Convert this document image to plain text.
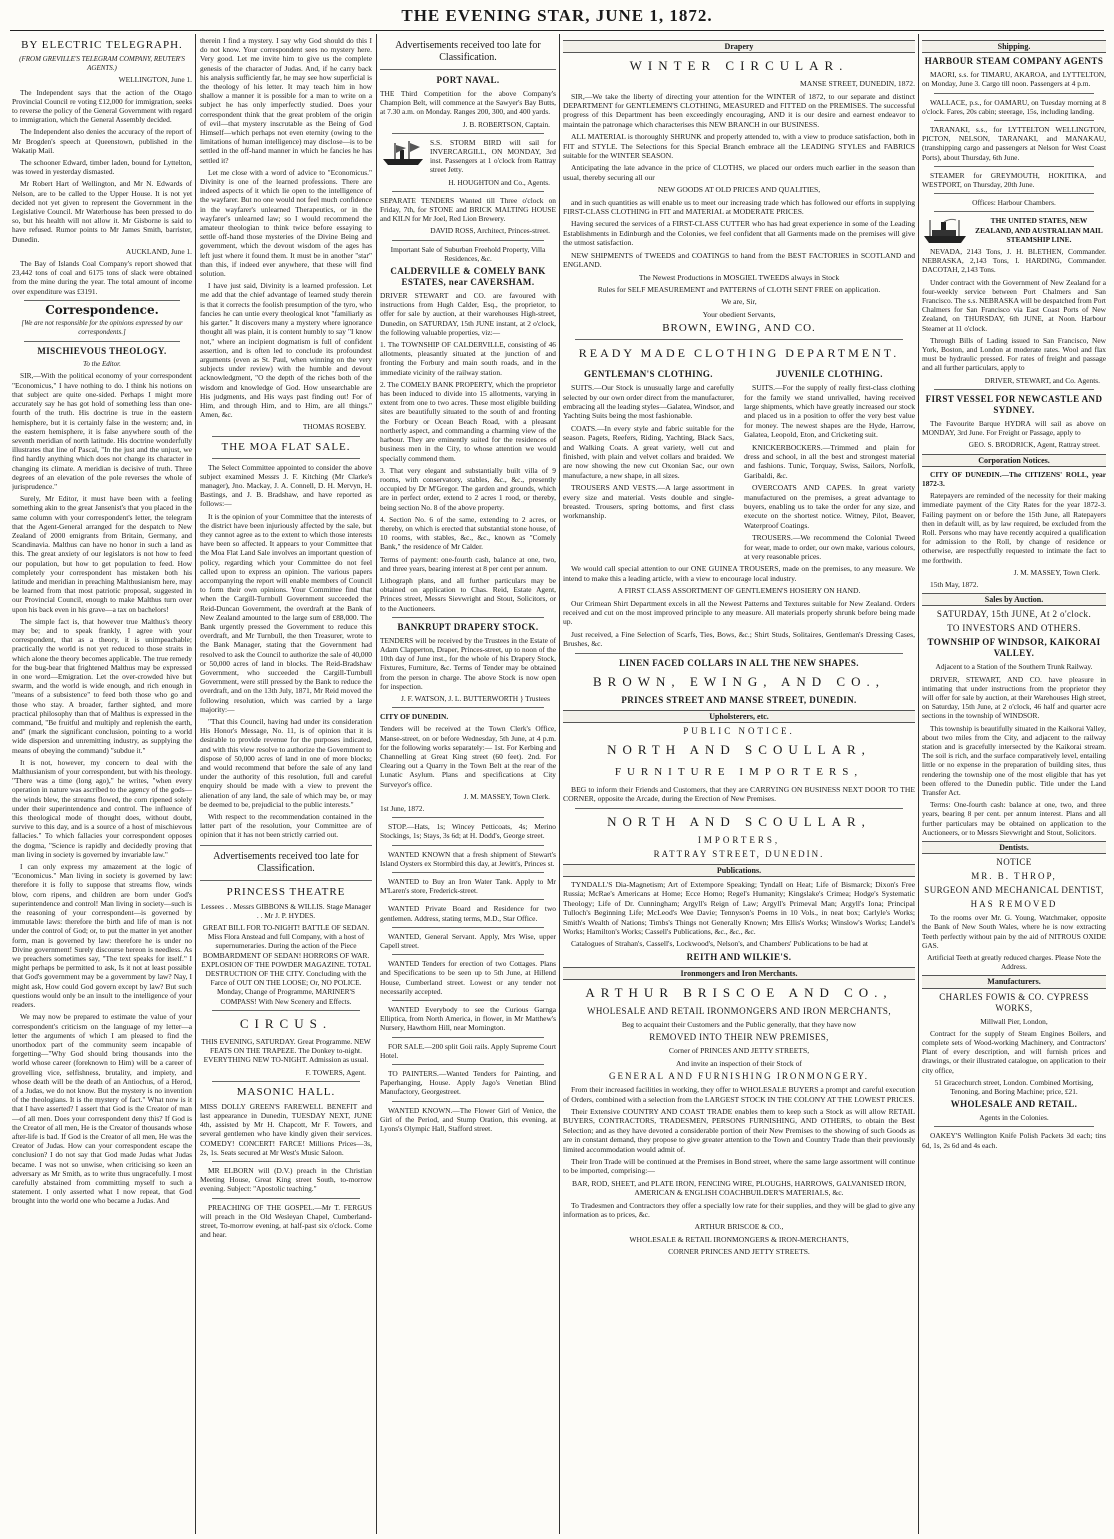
THE EVENING STAR, JUNE 1, 1872.
BY ELECTRIC TELEGRAPH.
(FROM GREVILLE'S TELEGRAM COMPANY, REUTER'S AGENTS.)

WELLINGTON, June 1.

The Independent says that the action of the Otago Provincial Council re voting £12,000 for immigration, seeks to reverse the policy of the General Government with regard to immigration, which the General Assembly decided.

The Independent also denies the accuracy of the report of Mr Brogden's speech at Queenstown, published in the Wakatip Mail.

The schooner Edward, timber laden, bound for Lyttelton, was towed in yesterday dismasted.

Mr Robert Hart of Wellington, and Mr N. Edwards of Nelson, are to be called to the Upper House. It is not yet decided not yet given to represent the Government in the Legislative Council. Mr Waterhouse has been pressed to do so, but his health will not allow it. Mr Gisborne is said to have refused. Rumor points to Mr James Smith, barrister, Dunedin.

AUCKLAND, June 1.

The Bay of Islands Coal Company's report showed that 23,442 tons of coal and 6175 tons of slack were obtained from the mine during the year. The total amount of income over expenditure was £3191.

Correspondence.
[We are not responsible for the opinions expressed by our correspondents.]
MISCHIEVOUS THEOLOGY.
To the Editor.

SIR,—With the political economy of your correspondent "Economicus," I have nothing to do. I think his notions on that subject are quite one-sided. Perhaps I might more accurately say he has got hold of something less than one-fourth of the truth. His doctrine is true in the eastern hemisphere, but it is certainly false in the western; and, in the eastern hemisphere, it is false anywhere south of the seventh meridian of north latitude. His doctrine wonderfully illustrates that line of Pascal, "In the just and the unjust, we find hardly anything which does not change its character in changing its climate. A meridian is decisive of truth. Three degrees of an elevation of the pole reverses the whole of jurisprudence."

Surely, Mr Editor, it must have been with a feeling something akin to the great Jansenist's that you placed in the same column with your correspondent's letter, the telegram that the Agent-General arranged for the despatch to New Zealand of 2000 emigrants from Britain, Germany, and Scandinavia. Malthus can have no honor in such a land as this. The great anxiety of our legislators is not how to feed our population, but how to get population to feed. How completely your correspondent has mistaken both his latitude and meridian in preaching Malthusianism here, may be learned from that most patriotic proposal, suggested in our Provincial Council, enough to make Malthus turn over upon his back even in his grave—a tax on bachelors!

The simple fact is, that however true Malthus's theory may be; and to speak frankly, I agree with your correspondent, that as a theory, it is unimpeachable; practically the world is not yet reduced to those straits in which alone the theory becomes applicable. The true remedy for the bug-bear that frightened Malthus may be expressed in one word—Emigration. Let the over-crowded hive but swarm, and the world is wide enough, and rich enough in "means of a subsistence" to feed both those who go and those who stay. A broader, farther sighted, and more practical philosophy than that of Malthus is expressed in the command, "Be fruitful and multiply and replenish the earth, and" (mark the significant conclusion, pointing to a world wide dispersion and unremitting industry, as supplying the means of obeying the command) "subdue it."

It is not, however, my concern to deal with the Malthusianism of your correspondent, but with his theology. "There was a time (long ago)," he writes, "when every operation in nature was ascribed to the agency of the gods—the winds blew, the streams flowed, the corn ripened solely under their superintendence and control. The influence of this theological mode of thought does, without doubt, survive to this day, and is a source of a host of mischievous fallacies." To which fallacies your correspondent opposes the dogma, "Science is rapidly and decidedly proving that man living in society is governed by invariable law."

I can only express my amazement at the logic of "Economicus." Man living in society is governed by law: therefore it is folly to suppose that streams flow, winds blow, corn ripens, and children are born under God's superintendence and control! Man living in society—such is the reasoning of your correspondent—is governed by immutable laws: therefore the birth and life of man is not under the control of God; or, to put the matter in yet another form, man is governed by law: therefore he is under no Divine government! Surely discourse hereon is needless. As we preachers sometimes say, "The text speaks for itself." I might perhaps be permitted to ask, Is it not at least possible that God's government may be a government by law? Nay, I might ask, How could God govern except by law? But such questions would only be an insult to the intelligence of your readers.

We may now be prepared to estimate the value of your correspondent's criticism on the language of my letter—a letter the arguments of which I am pleased to find the unorthodox part of the community seem incapable of forgetting—"Why God should bring thousands into the world whose career (foreknown to Him) will be a career of grovelling vice, selfishness, brutality, and impiety, and whose death will be the death of an Antiochus, of a Herod, of a Judas, we do not know. But the mystery is no invention of the theologians. It is the mystery of fact." What now is it that I have asserted? I assert that God is the Creator of man—of all men. Does your correspondent deny this? If God is the Creator of all men, He is the Creator of thousands whose after-life is bad. If God is the Creator of all men, He was the Creator of Judas. How can your correspondent escape the conclusion? I do not say that God made Judas what Judas became. I was not so unwise, when criticising so keen an adversary as Mr Smith, as to write thus ungracefully. I most carefully abstained from committing myself to such a statement. I only asserted what I now repeat, that God brought into the world one who became a Judas. And

therein I find a mystery. I say why God should do this I do not know. Your correspondent sees no mystery here. Very good. Let me invite him to give us the complete genesis of the character of Judas. And, if he carry back his analysis sufficiently far, he may see how superficial is the theology of his letter. It may teach him in how shallow a manner it is possible for a man to write on a subject he has only imperfectly studied. Does your correspondent think that the great problem of the origin of evil—that mystery inscrutable as the Being of God Himself—which perhaps not even eternity (owing to the limitations of human intelligence) may disclose—is to be settled in the off-hand manner in which he fancies he has settled it?

Let me close with a word of advice to "Economicus." Divinity is one of the learned professions. There are indeed aspects of it which lie open to the intelligence of the wayfarer. But no one would not feel much confidence in the wayfarer's unlearned Therapeutics, or in the wayfarer's unlearned law; so I would recommend the amateur theologian to think twice before essaying to settle off-hand those mysteries of the Divine Being and government, which the devout wisdom of the ages has left just where it found them. It must be in another "star" than this, if indeed ever anywhere, that these will find solution.

I have just said, Divinity is a learned profession. Let me add that the chief advantage of learned study therein is that it corrects the foolish presumption of the tyro, who fancies he can untie every theological knot "familiarly as his garter." It discovers many a mystery where ignorance thought all was plain, it is content humbly to say "I know not," where an incipient dogmatism is full of confident assertion, and is often led to conclude its profoundest arguments (even as St. Paul, when winning on the very subjects under review) with the humble and devout acknowledgment, "O the depth of the riches both of the wisdom and knowledge of God. How unsearchable are His judgments, and His ways past finding out! For of Him, and through Him, and to Him, are all things." Amen, &c.

THOMAS ROSEBY.

THE MOA FLAT SALE.

The Select Committee appointed to consider the above subject examined Messrs J. F. Kitching (Mr Clarke's manager), Jno. Mackay, J. A. Connell, D. H. Mervyn, H. Bastings, and J. B. Bradshaw, and have reported as follows:—

It is the opinion of your Committee that the interests of the district have been injuriously affected by the sale, but they cannot agree as to the extent to which those interests have been so affected. It appears to your Committee that the Moa Flat Land Sale involves an important question of policy, regarding which your Committee do not feel called upon to express an opinion. The various papers accompanying the report will enable members of Council to form their own opinions. Your Committee find that when the Cargill-Turnbull Government succeeded the Reid-Duncan Government, the overdraft at the Bank of New Zealand amounted to the large sum of £88,000. The Bank urgently pressed the Government to reduce this overdraft, and Mr Turnbull, the then Treasurer, wrote to the Bank Manager, stating that the Government had resolved to ask the Council to authorize the sale of 40,000 or 50,000 acres of land in blocks. The Reid-Bradshaw Government, who succeeded the Cargill-Turnbull Government, were still pressed by the Bank to reduce the overdraft, and on the 13th July, 1871, Mr Reid moved the following resolution, which was carried by a large majority:—

"That this Council, having had under its consideration His Honor's Message, No. 11, is of opinion that it is desirable to provide revenue for the purposes indicated, and with this view resolve to authorize the Government to dispose of 50,000 acres of land in one of more blocks; and would recommend that before the sale of any land under the authority of this resolution, full and careful enquiry should be made with a view to prevent the alienation of any land, the sale of which may be, or may be deemed to be, prejudicial to the public interests."

With respect to the recommendation contained in the latter part of the resolution, your Committee are of opinion that it has not been strictly carried out.

Advertisements received too late for Classification.
PRINCESS THEATRE

Lessees . . Messrs GIBBONS & WILLIS. Stage Manager . . Mr J. P. HYDES.

GREAT BILL FOR TO-NIGHT! BATTLE OF SEDAN. Miss Flora Anstead and full Company, with a host of supernumeraries. During the action of the Piece BOMBARDMENT OF SEDAN! HORRORS OF WAR. EXPLOSION OF THE POWDER MAGAZINE. TOTAL DESTRUCTION OF THE CITY. Concluding with the Farce of OUT ON THE LOOSE; Or, NO POLICE. Monday, Change of Programme, MARINER'S COMPASS! With New Scenery and Effects.

CIRCUS.

THIS EVENING, SATURDAY. Great Programme. NEW FEATS ON THE TRAPEZE. The Donkey to-night. EVERYTHING NEW TO-NIGHT. Admission as usual.

F. TOWERS, Agent.

MASONIC HALL.

MISS DOLLY GREEN'S FAREWELL BENEFIT and last appearance in Dunedin, TUESDAY NEXT, JUNE 4th, assisted by Mr H. Chapcott, Mr F. Towers, and several gentlemen who have kindly given their services. COMEDY! CONCERT! FARCE! Millions Prices—3s, 2s, 1s. Seats secured at Mr West's Music Saloon.

MR ELBORN will (D.V.) preach in the Christian Meeting House, Great King street South, to-morrow evening. Subject: "Apostolic teaching."

PREACHING OF THE GOSPEL.—Mr T. FERGUS will preach in the Old Wesleyan Chapel, Cumberland-street, To-morrow evening, at half-past six o'clock. Come and hear.

Advertisements received too late for Classification.
PORT NAVAL.

THE Third Competition for the above Company's Champion Belt, will commence at the Sawyer's Bay Butts, at 7.30 a.m. on Monday. Ranges 200, 300, and 400 yards.

J. B. ROBERTSON, Captain.

S.S. STORM BIRD will sail for INVERCARGILL, ON MONDAY, 3rd inst. Passengers at 1 o'clock from Rattray street Jetty.

H. HOUGHTON and Co., Agents.

SEPARATE TENDERS Wanted till Three o'clock on Friday, 7th, for STONE and BRICK MALTING HOUSE and KILN for Mr Joel, Red Lion Brewery.

DAVID ROSS, Architect, Princes-street.

Important Sale of Suburban Freehold Property, Villa Residences, &c.

CALDERVILLE & COMELY BANK ESTATES, near CAVERSHAM.

DRIVER STEWART and CO. are favoured with instructions from Hugh Calder, Esq., the proprietor, to offer for sale by auction, at their warehouses High-street, Dunedin, on SATURDAY, 15th JUNE instant, at 2 o'clock, the following valuable properties, viz:—

1. The TOWNSHIP OF CALDERVILLE, consisting of 46 allotments, pleasantly situated at the junction of and fronting the Forbury and main south roads, and in the immediate vicinity of the railway station.

2. The COMELY BANK PROPERTY, which the proprietor has been induced to divide into 15 allotments, varying in extent from one to two acres. These most eligible building sites are beautifully situated to the south of and fronting the Forbury or Ocean Beach Road, with a pleasant northerly aspect, and commanding a charming view of the harbour. They are eminently suited for the residences of business men in the City, to whose attention we would specially commend them.

3. That very elegant and substantially built villa of 9 rooms, with conservatory, stables, &c., &c., presently occupied by Dr M'Gregor. The garden and grounds, which are in perfect order, extend to 2 acres 1 rood, or thereby, being section No. 8 of the above property.

4. Section No. 6 of the same, extending to 2 acres, or thereby, on which is erected that substantial stone house, of 10 rooms, with stables, &c., &c., known as "Comely Bank," the residence of Mr Calder.

Terms of payment: one-fourth cash, balance at one, two, and three years, bearing interest at 8 per cent per annum.

Lithograph plans, and all further particulars may be obtained on application to Chas. Reid, Estate Agent, Princes street, Messrs Sievwright and Stout, Solicitors, or to the Auctioneers.

BANKRUPT DRAPERY STOCK.

TENDERS will be received by the Trustees in the Estate of Adam Clapperton, Draper, Princes-street, up to noon of the 10th day of June inst., for the whole of his Drapery Stock, Fixtures, Furniture, &c. Terms of Tender may be obtained from the person in charge. The above Stock is now open for inspection.

J. F. WATSON, J. L. BUTTERWORTH } Trustees

CITY OF DUNEDIN.

Tenders will be received at the Town Clerk's Office, Manse-street, on or before Wednesday, 5th June, at 4 p.m. for the following works separately:— 1st. For Kerbing and Channelling at Great King street (60 feet). 2nd. For Clearing out a Quarry in the Town Belt at the rear of the Lunatic Asylum. Plans and specifications at City Surveyor's office.

J. M. MASSEY, Town Clerk.

1st June, 1872.

STOP.—Hats, 1s; Wincey Petticoats, 4s; Merino Stockings, 1s; Stays, 3s 6d; at H. Dodd's, George street.

WANTED KNOWN that a fresh shipment of Stewart's Island Oysters ex Stormbird this day, at Jewitt's, Princes st.

WANTED to Buy an Iron Water Tank. Apply to Mr M'Laren's store, Frederick-street.

WANTED Private Board and Residence for two gentlemen. Address, stating terms, M.D., Star Office.

WANTED, General Servant. Apply, Mrs Wise, upper Capell street.

WANTED Tenders for erection of two Cottages. Plans and Specifications to be seen up to 5th June, at Hillend House, Cumberland street. Lowest or any tender not necessarily accepted.

WANTED Everybody to see the Curious Garnga Elliptica, from North America, in flower, in Mr Matthew's Nursery, Hawthorn Hill, near Mornington.

FOR SALE.—200 split Goii rails. Apply Supreme Court Hotel.

TO PAINTERS.—Wanted Tenders for Painting, and Paperhanging, House. Apply Jago's Venetian Blind Manufactory, Georgestreet.

WANTED KNOWN.—The Flower Girl of Venice, the Girl of the Period, and Stump Oration, this evening, at Lyons's Olympic Hall, Stafford street.

Drapery
WINTER CIRCULAR.

MANSE STREET, DUNEDIN, 1872.

SIR,—We take the liberty of directing your attention for the WINTER of 1872, to our separate and distinct DEPARTMENT for GENTLEMEN'S CLOTHING, MEASURED and FITTED on the PREMISES. The successful progress of this Department has been exceedingly encouraging, AND it is our desire and earnest endeavor to maintain the patronage which characterises this NEW BRANCH in our BUSINESS.

ALL MATERIAL is thoroughly SHRUNK and properly attended to, with a view to produce satisfaction, both in FIT and STYLE. The Selections for this Special Branch embrace all the LEADING STYLES and FABRICS suitable for the WINTER SEASON.

Anticipating the late advance in the price of CLOTHS, we placed our orders much earlier in the season than usual, thereby securing all our

NEW GOODS AT OLD PRICES AND QUALITIES,

and in such quantities as will enable us to meet our increasing trade which has followed our efforts in supplying FIRST-CLASS CLOTHING in FIT and MATERIAL at MODERATE PRICES.

Having secured the services of a FIRST-CLASS CUTTER who has had great experience in some of the Leading Establishments in Edinburgh and the Colonies, we feel confident that all Garments made on the premises will give the utmost satisfaction.

NEW SHIPMENTS of TWEEDS and COATINGS to hand from the BEST FACTORIES in SCOTLAND and ENGLAND.

The Newest Productions in MOSGIEL TWEEDS always in Stock

Rules for SELF MEASUREMENT and PATTERNS of CLOTH SENT FREE on application.

We are, Sir,

Your obedient Servants,

BROWN, EWING, AND CO.
READY MADE CLOTHING DEPARTMENT.
GENTLEMAN'S CLOTHING.

SUITS.—Our Stock is unusually large and carefully selected by our own order direct from the manufacturer, embracing all the leading styles—Galatea, Windsor, and Yachting Suits being the most fashionable.

COATS.—In every style and fabric suitable for the season. Pagets, Reefers, Riding, Yachting, Black Sacs, and Walking Coats. A great variety, well cut and finished, with plain and velvet collars and braided. We are now showing the new cut Oxonian Sac, our own manufacture, a new shape, in all sizes.

TROUSERS AND VESTS.—A large assortment in every size and material. Vests double and single-breasted. Trousers, spring bottoms, and first class workmanship.

JUVENILE CLOTHING.

SUITS.—For the supply of really first-class clothing for the family we stand unrivalled, having received large shipments, which have greatly increased our stock and placed us in a position to offer the very best value for money. The newest shapes are the Hyde, Harrow, Galatea, Leopold, Eton, and Cricketing suit.

KNICKERBOCKERS.—Trimmed and plain for dress and school, in all the best and strongest material and fashions. Tunic, Torquay, Swiss, Sailors, Norfolk, Garibaldi, &c.

OVERCOATS AND CAPES. In great variety manufactured on the premises, a great advantage to buyers, enabling us to take the order for any size, and execute on the shortest notice. Witney, Pilot, Beaver, Waterproof Coatings.

TROUSERS.—We recommend the Colonial Tweed for wear, made to order, our own make, various colours, at very reasonable prices.

We would call special attention to our ONE GUINEA TROUSERS, made on the premises, to any measure. We intend to make this a leading article, with a view to encourage local industry.

A FIRST CLASS ASSORTMENT OF GENTLEMEN'S HOSIERY ON HAND.

Our Crimean Shirt Department excels in all the Newest Patterns and Textures suitable for New Zealand. Orders received and cut on the most improved principle to any measure. All materials properly shrunk before being made up.

Just received, a Fine Selection of Scarfs, Ties, Bows, &c.; Shirt Studs, Solitaires, Gentleman's Dressing Cases, Brushes, &c.

LINEN FACED COLLARS IN ALL THE NEW SHAPES.
BROWN, EWING, AND CO.,
PRINCES STREET AND MANSE STREET, DUNEDIN.
Upholsterers, etc.
PUBLIC NOTICE.
NORTH AND SCOULLAR,
FURNITURE IMPORTERS,

BEG to inform their Friends and Customers, that they are CARRYING ON BUSINESS NEXT DOOR TO THE CORNER, opposite the Arcade, during the Erection of New Premises.

NORTH AND SCOULLAR,
IMPORTERS,
RATTRAY STREET, DUNEDIN.
Publications.

TYNDALL'S Dia-Magnetism; Art of Extempore Speaking; Tyndall on Heat; Life of Bismarck; Dixon's Free Russia; McRae's Americans at Home; Ecce Homo; Regel's Humanity; Kingslake's Crimea; Hodge's Systematic Theology; Life of Dr. Cunningham; Argyll's Reign of Law; Argyll's Primeval Man; Argyll's Iona; Principal Tulloch's Beginning Life; McLeod's Wee Davie; Tennyson's Poems in 10 Vols., in neat box; Carlyle's Works; Smith's Wealth of Nations; Timbs's Things not Generally Known; Mrs Ellis's Works; Winslow's Works; Landel's Works; Hamilton's Works; Cassell's Publications, &c., &c., &c.

Catalogues of Strahan's, Cassell's, Lockwood's, Nelson's, and Chambers' Publications to be had at

REITH AND WILKIE'S.
Ironmongers and Iron Merchants.
ARTHUR BRISCOE AND CO.,
WHOLESALE AND RETAIL IRONMONGERS AND IRON MERCHANTS,

Beg to acquaint their Customers and the Public generally, that they have now

REMOVED INTO THEIR NEW PREMISES,

Corner of PRINCES AND JETTY STREETS,

And invite an inspection of their Stock of

GENERAL AND FURNISHING IRONMONGERY.

From their increased facilities in working, they offer to WHOLESALE BUYERS a prompt and careful execution of Orders, combined with a selection from the LARGEST STOCK IN THE COLONY AT THE LOWEST PRICES.

Their Extensive COUNTRY AND COAST TRADE enables them to keep such a Stock as will allow RETAIL BUYERS, CONTRACTORS, TRADESMEN, PERSONS FURNISHING, AND OTHERS, to obtain the Best Selection; and as they have devoted a considerable portion of their New Premises to the showing of such Goods as are in constant demand, they propose to give greater attention to the Town and Country Trade than their previously limited accommodation would admit of.

Their Iron Trade will be continued at the Premises in Bond street, where the same large assortment will continue to be imported, comprising:—

BAR, ROD, SHEET, and PLATE IRON, FENCING WIRE, PLOUGHS, HARROWS, GALVANISED IRON, AMERICAN & ENGLISH COACHBUILDER'S MATERIALS, &c.

To Tradesmen and Contractors they offer a specially low rate for their supplies, and they will be glad to give any information as to prices, &c.

ARTHUR BRISCOE & CO.,

WHOLESALE & RETAIL IRONMONGERS & IRON-MERCHANTS,

CORNER PRINCES AND JETTY STREETS.

Shipping.
HARBOUR STEAM COMPANY AGENTS

MAORI, s.s. for TIMARU, AKAROA, and LYTTELTON, on Monday, June 3. Cargo till noon. Passengers at 4 p.m.

WALLACE, p.s., for OAMARU, on Tuesday morning at 8 o'clock. Fares, 20s cabin; steerage, 15s, including landing.

TARANAKI, s.s., for LYTTELTON WELLINGTON, PICTON, NELSON, TARANAKI, and MANAKAU, (transhipping cargo and passengers at Nelson for West Coast Ports), about Thursday, 6th June.

STEAMER for GREYMOUTH, HOKITIKA, and WESTPORT, on Thursday, 20th June.

Offices: Harbour Chambers.

THE UNITED STATES, NEW ZEALAND, AND AUSTRALIAN MAIL STEAMSHIP LINE.

NEVADA, 2143 Tons, J. H. BLETHEN, Commander. NEBRASKA, 2,143 Tons, I. HARDING, Commander. DACOTAH, 2,143 Tons.

Under contract with the Government of New Zealand for a four-weekly service between Port Chalmers and San Francisco. The s.s. NEBRASKA will be despatched from Port Chalmers for San Francisco via East Coast Ports of New Zealand, on THURSDAY, 6th JUNE, at Noon. Harbour Steamer at 11 o'clock.

Through Bills of Lading issued to San Francisco, New York, Boston, and London at moderate rates. Wool and flax must be hydraulic pressed. For rates of freight and passage and all further particulars, apply to

DRIVER, STEWART, and Co. Agents.

FIRST VESSEL FOR NEWCASTLE AND SYDNEY.

The Favourite Barque HYDRA will sail as above on MONDAY, 3rd June. For Freight or Passage, apply to

GEO. S. BRODRICK, Agent, Rattray street.

Corporation Notices.

CITY OF DUNEDIN.—The CITIZENS' ROLL, year 1872-3.

Ratepayers are reminded of the necessity for their making immediate payment of the City Rates for the year 1872-3. Failing payment on or before the 15th June, all Ratepayers then in default will, as by law required, be excluded from the Roll. Persons who may have recently acquired a qualification for admission to the Roll, by change of residence or otherwise, are respectfully requested to intimate the fact to me forthwith.

J. M. MASSEY, Town Clerk.

15th May, 1872.

Sales by Auction.
SATURDAY, 15th JUNE, At 2 o'clock.
TO INVESTORS AND OTHERS.
TOWNSHIP OF WINDSOR, KAIKORAI VALLEY.

Adjacent to a Station of the Southern Trunk Railway.

DRIVER, STEWART, AND CO. have pleasure in intimating that under instructions from the proprietor they will offer for sale by auction, at their Warehouses High street, on Saturday, 15th June, at 2 o'clock, 46 half and quarter acre sections in the township of WINDSOR.

This township is beautifully situated in the Kaikorai Valley, about two miles from the City, and adjacent to the railway station and is gracefully intersected by the Kaikorai stream. The soil is rich, and the surface comparatively level, entailing little or no expense in the preparation of building sites, thus rendering the township one of the most eligible that has yet been offered to the Dunedin public. Title under the Land Transfer Act.

Terms: One-fourth cash: balance at one, two, and three years, bearing 8 per cent. per annum interest. Plans and all further particulars may be obtained on application to the Auctioneers, or to Messrs Sievwright and Stout, Solicitors.

Dentists.
NOTICE
MR. B. THROP,
SURGEON AND MECHANICAL DENTIST,
HAS REMOVED

To the rooms over Mr. G. Young, Watchmaker, opposite the Bank of New South Wales, where he is now extracting Teeth perfectly without pain by the aid of NITROUS OXIDE GAS.

Artificial Teeth at greatly reduced charges. Please Note the Address.

Manufacturers.
CHARLES FOWIS & CO. CYPRESS WORKS,

Millwall Pier, London,

Contract for the supply of Steam Engines Boilers, and complete sets of Wood-working Machinery, and Contractors' Plant of every description, and will furnish prices and drawings, or their illustrated catalogue, on application to their city office,

51 Gracechurch street, London. Combined Mortising, Tenoning, and Boring Machine; price, £21.

WHOLESALE AND RETAIL.

Agents in the Colonies.

OAKEY'S Wellington Knife Polish Packets 3d each; tins 6d, 1s, 2s 6d and 4s each.
